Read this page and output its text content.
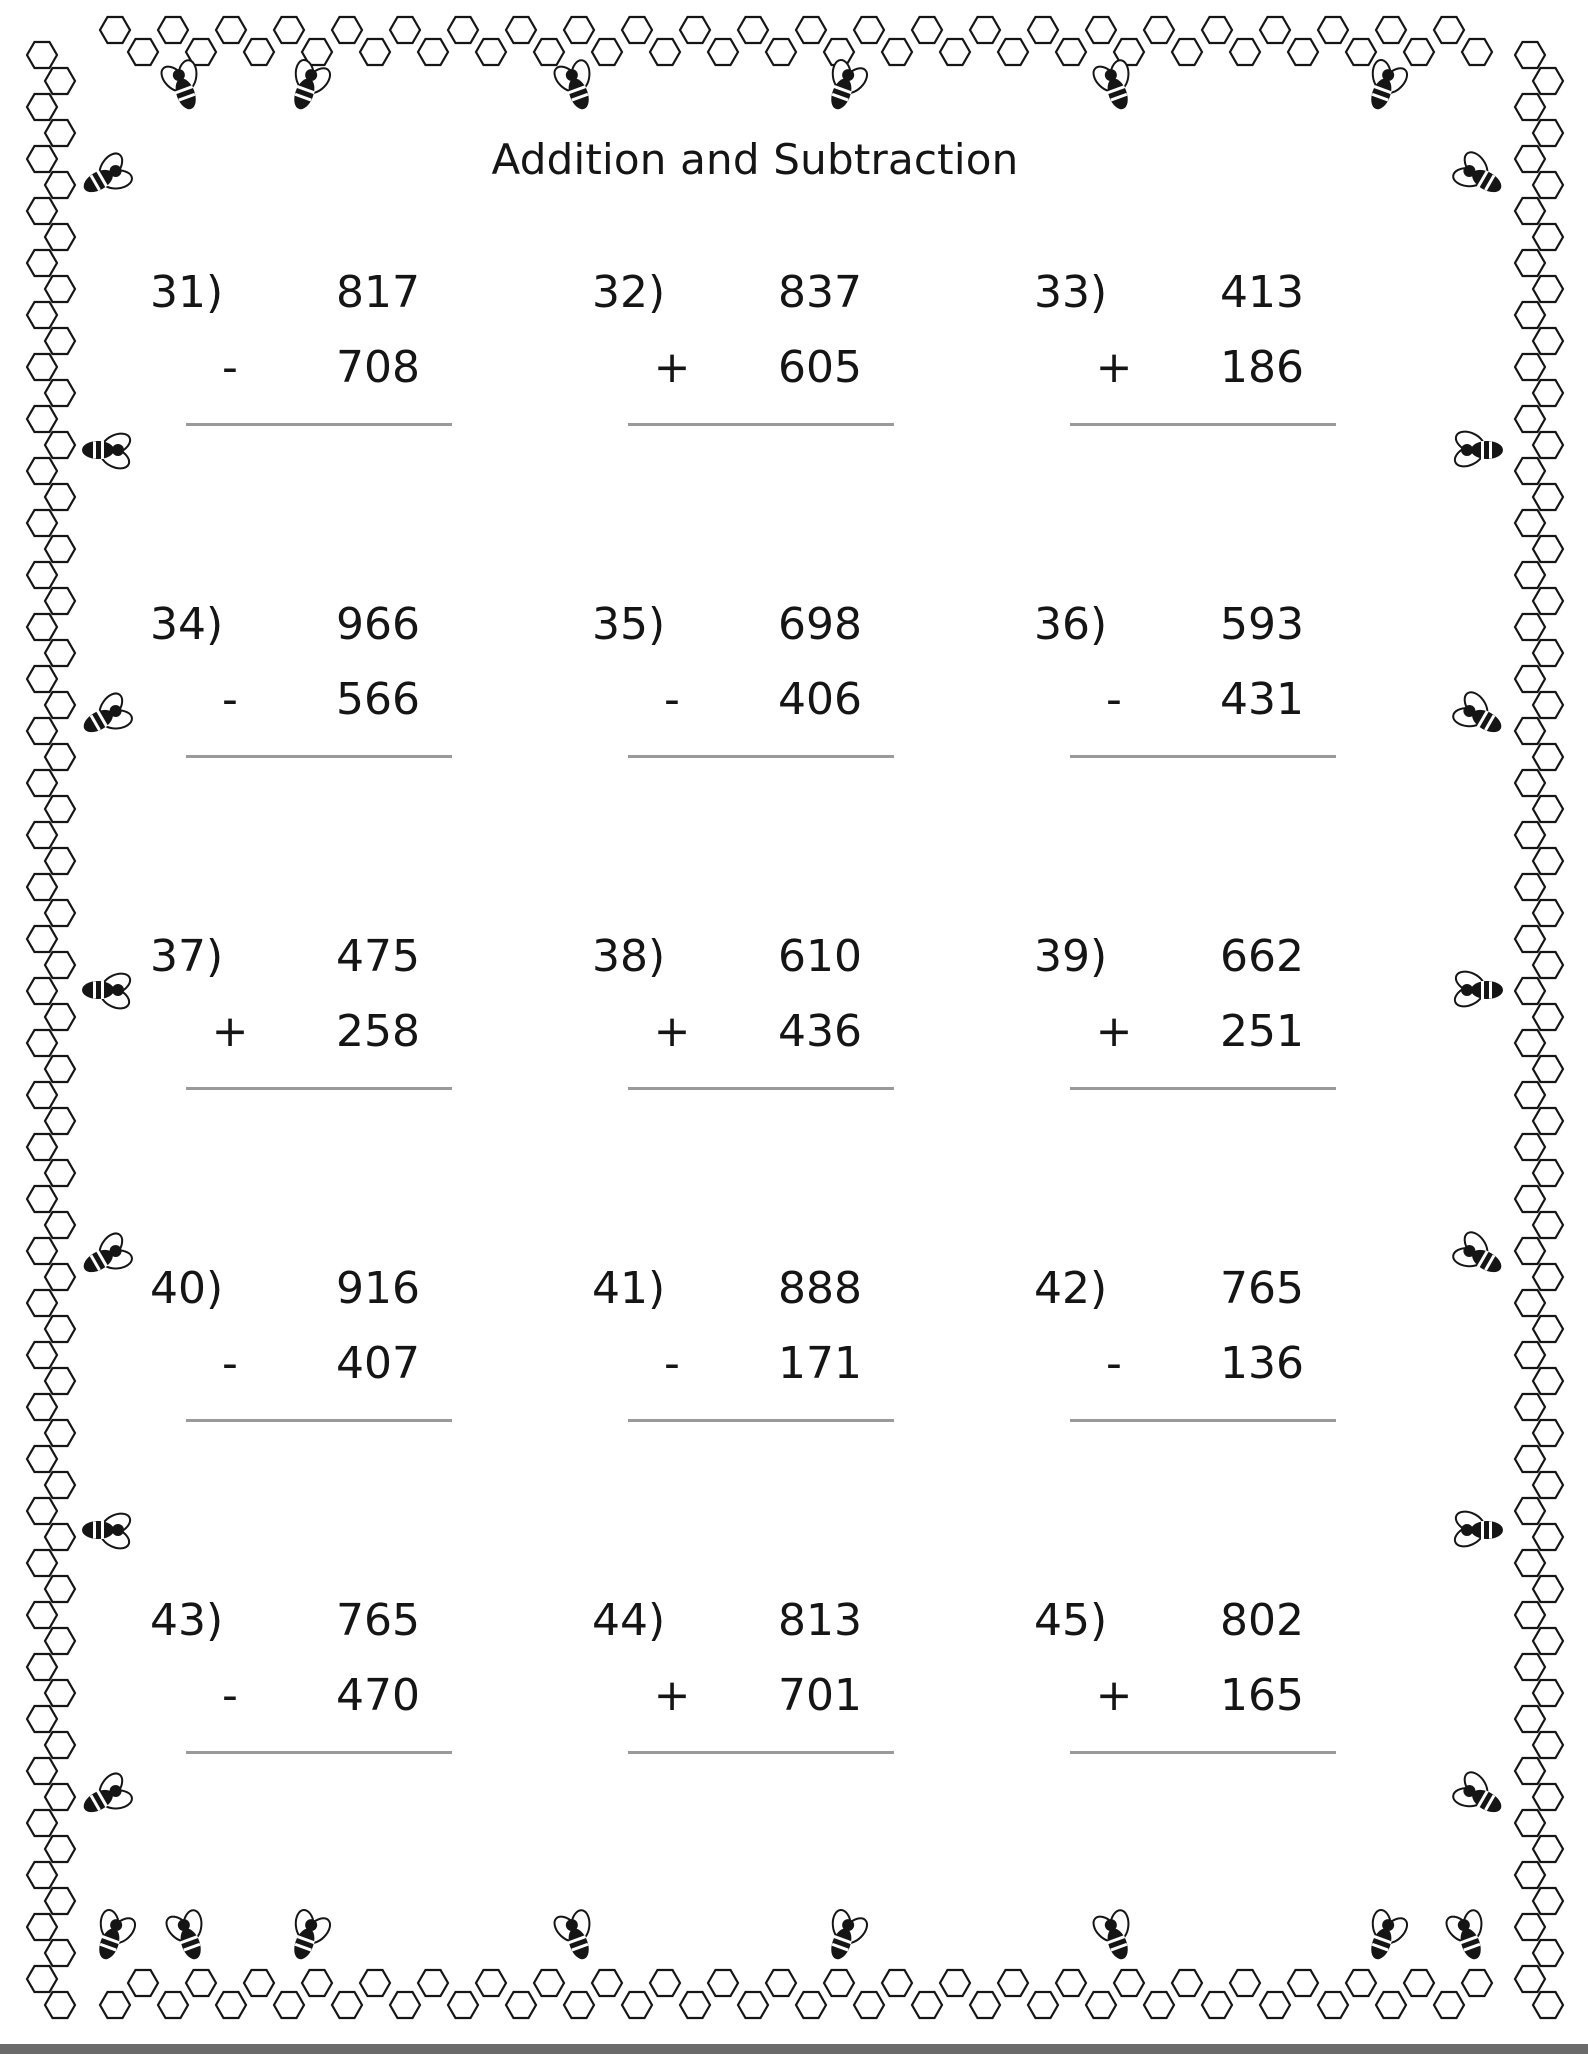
Addition and Subtraction
31)	817
- 708
32)	837
+ 605
33)	413
+ 186
34)	966
- 566
35)	698
- 406
36)	593
- 431
37)	475
+ 258
38)	610
+ 436
39)	662
+ 251
40)	916
- 407
41)	888
- 171
42)	765
- 136
43)	765
- 470
44)	813
+ 701
45)	802
+ 165
